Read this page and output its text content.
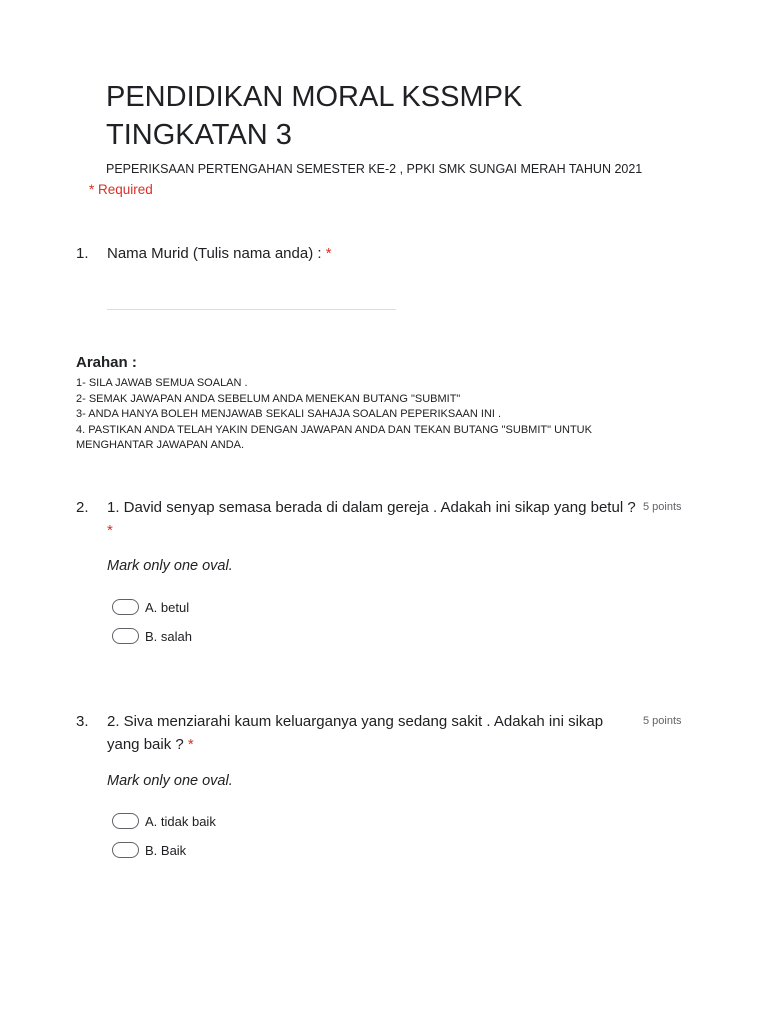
PENDIDIKAN MORAL KSSMPK
TINGKATAN 3
PEPERIKSAAN PERTENGAHAN SEMESTER KE-2 , PPKI SMK SUNGAI MERAH TAHUN 2021
* Required
1. Nama Murid (Tulis nama anda) : *
Arahan :
1- SILA JAWAB SEMUA SOALAN .
2- SEMAK JAWAPAN ANDA SEBELUM ANDA MENEKAN BUTANG "SUBMIT"
3- ANDA HANYA BOLEH MENJAWAB SEKALI SAHAJA SOALAN PEPERIKSAAN INI .
4. PASTIKAN ANDA TELAH YAKIN DENGAN JAWAPAN ANDA DAN TEKAN BUTANG "SUBMIT" UNTUK
MENGHANTAR JAWAPAN ANDA.
2. 1. David senyap semasa berada di dalam gereja . Adakah ini sikap yang betul ?
*
5 points
Mark only one oval.
A. betul
B. salah
3. 2. Siva menziarahi kaum keluarganya yang sedang sakit . Adakah ini sikap
yang baik ? *
5 points
Mark only one oval.
A. tidak baik
B. Baik
